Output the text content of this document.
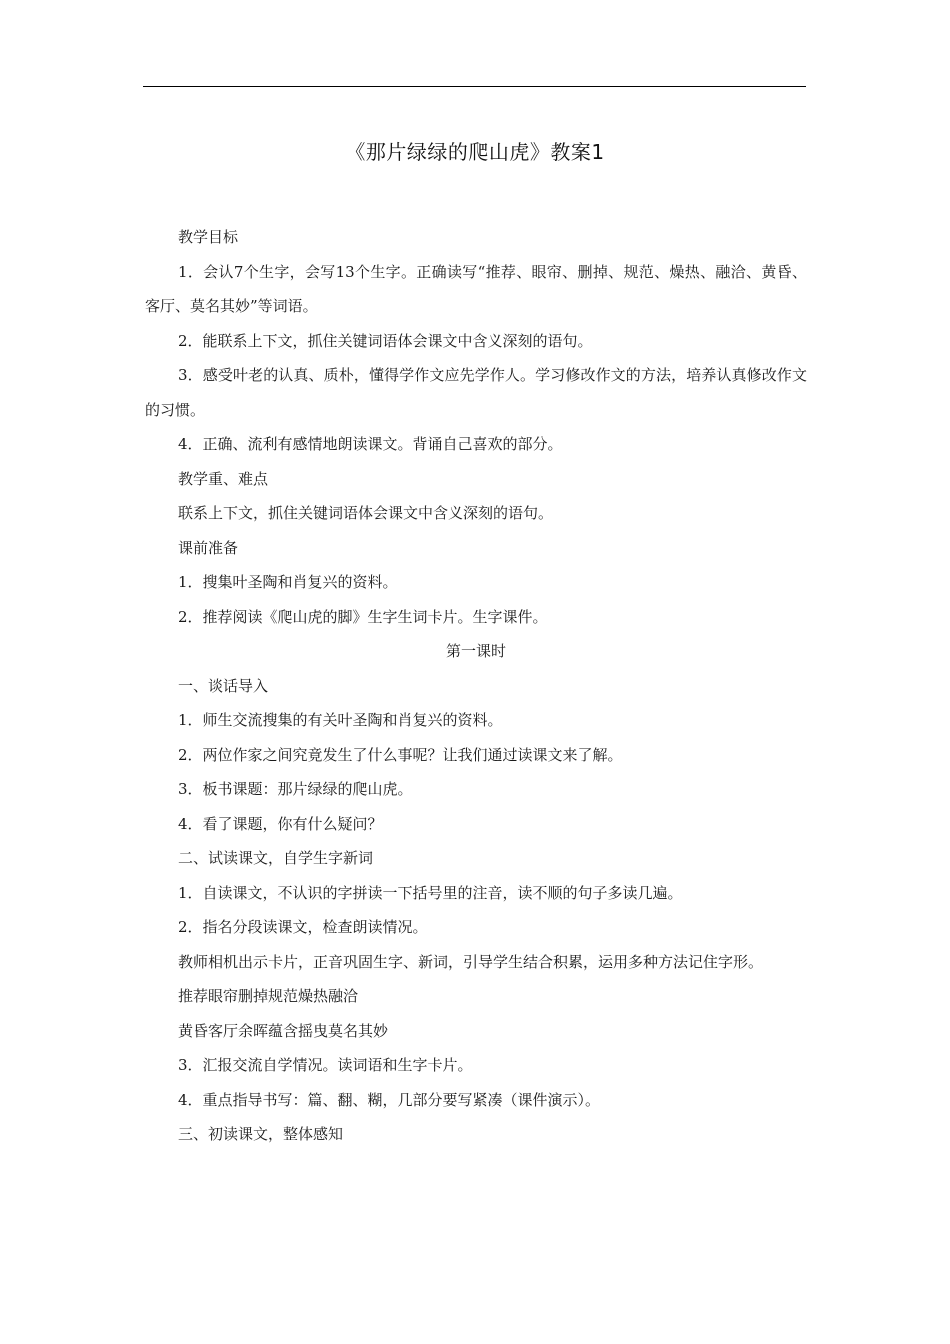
《那片绿绿的爬山虎》教案1

教学目标

1．会认7个生字，会写13个生字。正确读写“推荐、眼帘、删掉、规范、燥热、融洽、黄昏、客厅、莫名其妙”等词语。

2．能联系上下文，抓住关键词语体会课文中含义深刻的语句。

3．感受叶老的认真、质朴，懂得学作文应先学作人。学习修改作文的方法，培养认真修改作文的习惯。

4．正确、流利有感情地朗读课文。背诵自己喜欢的部分。

教学重、难点

联系上下文，抓住关键词语体会课文中含义深刻的语句。

课前准备

1．搜集叶圣陶和肖复兴的资料。

2．推荐阅读《爬山虎的脚》生字生词卡片。生字课件。

第一课时

一、谈话导入

1．师生交流搜集的有关叶圣陶和肖复兴的资料。

2．两位作家之间究竟发生了什么事呢？让我们通过读课文来了解。

3．板书课题：那片绿绿的爬山虎。

4．看了课题，你有什么疑问？

二、试读课文，自学生字新词

1．自读课文，不认识的字拼读一下括号里的注音，读不顺的句子多读几遍。

2．指名分段读课文，检查朗读情况。

教师相机出示卡片，正音巩固生字、新词，引导学生结合积累，运用多种方法记住字形。

推荐眼帘删掉规范燥热融洽

黄昏客厅余晖蕴含摇曳莫名其妙

3．汇报交流自学情况。读词语和生字卡片。

4．重点指导书写：篇、翻、糊，几部分要写紧凑（课件演示）。

三、初读课文，整体感知
